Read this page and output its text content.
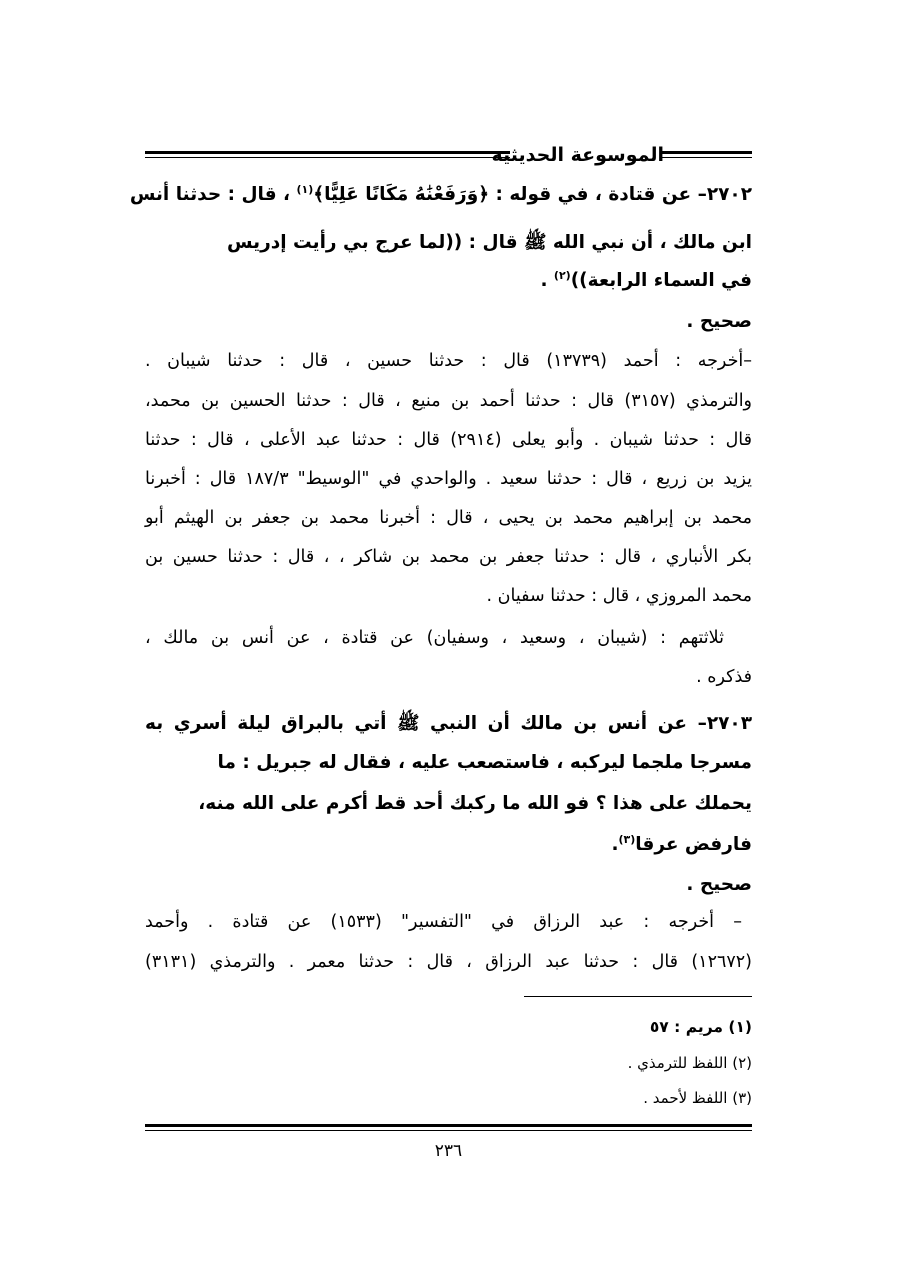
الموسوعة الحديثية
٢٧٠٢– عن قتادة ، في قوله : ﴿وَرَفَعْنَٰهُ مَكَانًا عَلِيًّا﴾$^{(١)}$ ، قال : حدثنا أنس
ابن مالك ، أن نبي الله ﷺ قال : ((لما عرج بي رأيت إدريس
في السماء الرابعة))$^{(٢)}$ .
صحيح .
–أخرجه : أحمد (١٣٧٣٩) قال : حدثنا حسين ، قال : حدثنا شيبان .
والترمذي (٣١٥٧) قال : حدثنا أحمد بن منيع ، قال : حدثنا الحسين بن محمد،
قال : حدثنا شيبان . وأبو يعلى (٢٩١٤) قال : حدثنا عبد الأعلى ، قال : حدثنا
يزيد بن زريع ، قال : حدثنا سعيد . والواحدي في "الوسيط" ١٨٧/٣ قال : أخبرنا
محمد بن إبراهيم محمد بن يحيى ، قال : أخبرنا محمد بن جعفر بن الهيثم أبو
بكر الأنباري ، قال : حدثنا جعفر بن محمد بن شاكر ، ، قال : حدثنا حسين بن
محمد المروزي ، قال : حدثنا سفيان .
ثلاثتهم : (شيبان ، وسعيد ، وسفيان) عن قتادة ، عن أنس بن مالك ،
فذكره .
٢٧٠٣– عن أنس بن مالك أن النبي ﷺ أتي بالبراق ليلة أسري به
مسرجا ملجما ليركبه ، فاستصعب عليه ، فقال له جبريل : ما
يحملك على هذا ؟ فو الله ما ركبك أحد قط أكرم على الله منه،
فارفض عرقا$^{(٣)}$.
صحيح .
– أخرجه : عبد الرزاق في "التفسير" (١٥٣٣) عن قتادة . وأحمد
(١٢٦٧٢) قال : حدثنا عبد الرزاق ، قال : حدثنا معمر . والترمذي (٣١٣١)
(١) مريم : ٥٧
(٢) اللفظ للترمذي .
(٣) اللفظ لأحمد .
٢٣٦
